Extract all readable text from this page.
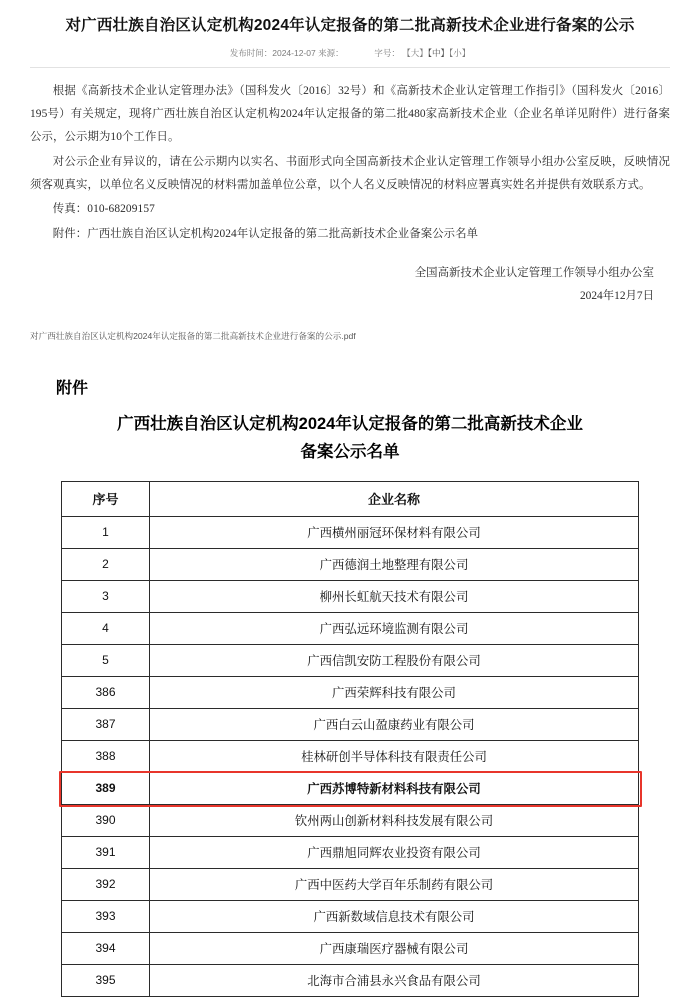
对广西壮族自治区认定机构2024年认定报备的第二批高新技术企业进行备案的公示
发布时间：2024-12-07 来源：	字号： 【大】【中】【小】

根据《高新技术企业认定管理办法》（国科发火〔2016〕32号）和《高新技术企业认定管理工作指引》（国科发火〔2016〕195号）有关规定，现将广西壮族自治区认定机构2024年认定报备的第二批480家高新技术企业（企业名单详见附件）进行备案公示，公示期为10个工作日。

对公示企业有异议的，请在公示期内以实名、书面形式向全国高新技术企业认定管理工作领导小组办公室反映，反映情况须客观真实，以单位名义反映情况的材料需加盖单位公章，以个人名义反映情况的材料应署真实姓名并提供有效联系方式。

传真：010-68209157

附件：广西壮族自治区认定机构2024年认定报备的第二批高新技术企业备案公示名单

全国高新技术企业认定管理工作领导小组办公室
2024年12月7日
对广西壮族自治区认定机构2024年认定报备的第二批高新技术企业进行备案的公示.pdf
附件
广西壮族自治区认定机构2024年认定报备的第二批高新技术企业
备案公示名单
序号	企业名称
1	广西横州丽冠环保材料有限公司
2	广西德润土地整理有限公司
3	柳州长虹航天技术有限公司
4	广西弘远环境监测有限公司
5	广西信凯安防工程股份有限公司
386	广西荣辉科技有限公司
387	广西白云山盈康药业有限公司
388	桂林研创半导体科技有限责任公司
389	广西苏博特新材料科技有限公司
390	钦州两山创新材料科技发展有限公司
391	广西鼎旭同辉农业投资有限公司
392	广西中医药大学百年乐制药有限公司
393	广西新数域信息技术有限公司
394	广西康瑞医疗器械有限公司
395	北海市合浦县永兴食品有限公司
